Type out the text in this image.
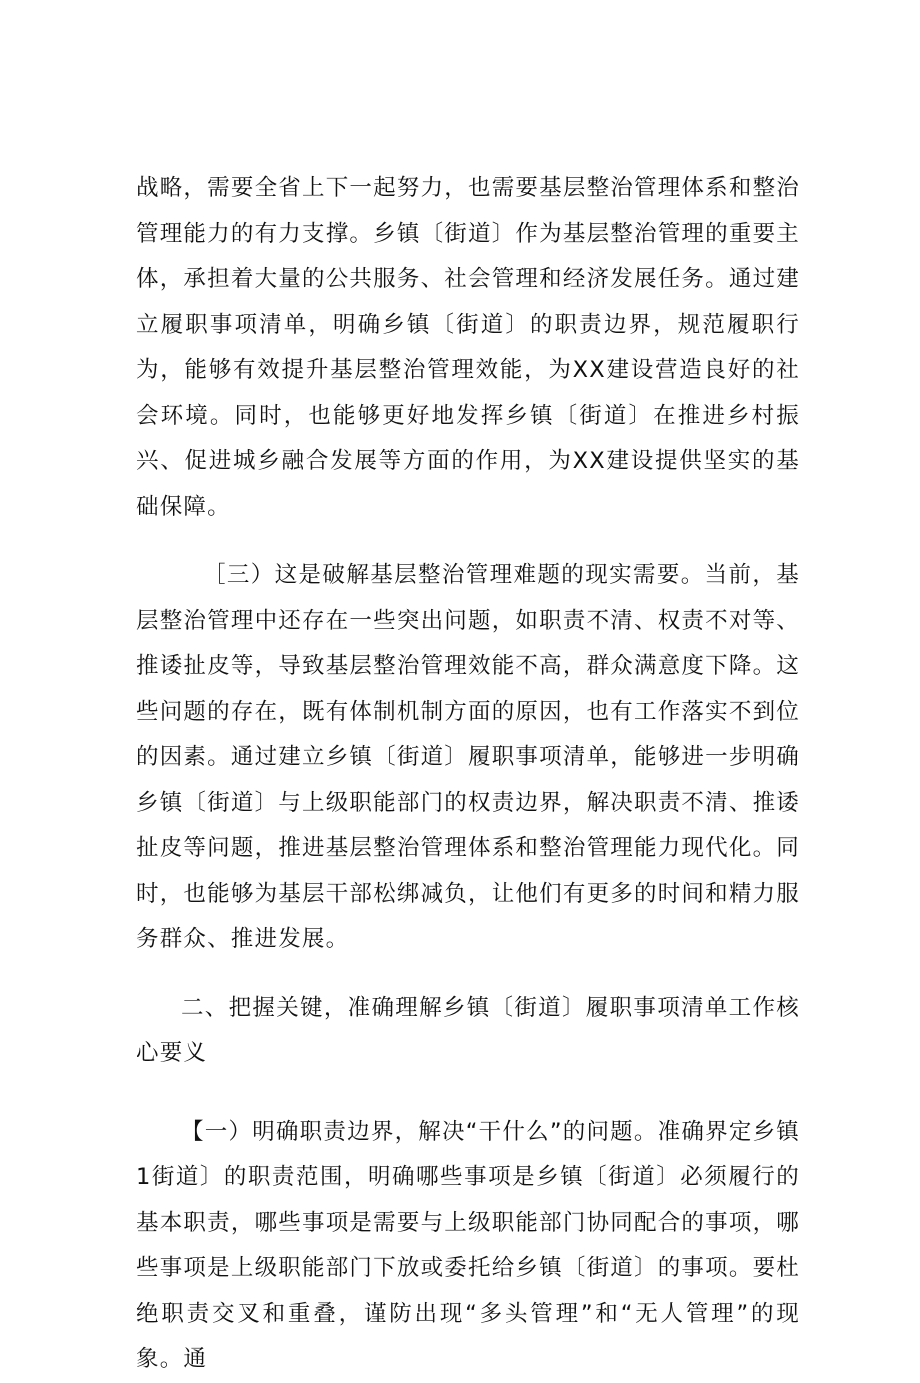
战略，需要全省上下一起努力，也需要基层整治管理体系和整治管理能力的有力支撑。乡镇〔街道〕作为基层整治管理的重要主体，承担着大量的公共服务、社会管理和经济发展任务。通过建立履职事项清单，明确乡镇〔街道〕的职责边界，规范履职行为，能够有效提升基层整治管理效能，为XX建设营造良好的社会环境。同时，也能够更好地发挥乡镇〔街道〕在推进乡村振兴、促进城乡融合发展等方面的作用，为XX建设提供坚实的基础保障。

［三）这是破解基层整治管理难题的现实需要。当前，基层整治管理中还存在一些突出问题，如职责不清、权责不对等、推诿扯皮等，导致基层整治管理效能不高，群众满意度下降。这些问题的存在，既有体制机制方面的原因，也有工作落实不到位的因素。通过建立乡镇〔街道〕履职事项清单，能够进一步明确乡镇〔街道〕与上级职能部门的权责边界，解决职责不清、推诿扯皮等问题，推进基层整治管理体系和整治管理能力现代化。同时，也能够为基层干部松绑减负，让他们有更多的时间和精力服务群众、推进发展。

二、把握关键，准确理解乡镇〔街道〕履职事项清单工作核心要义

【一）明确职责边界，解决“干什么”的问题。准确界定乡镇1街道〕的职责范围，明确哪些事项是乡镇〔街道〕必须履行的基本职责，哪些事项是需要与上级职能部门协同配合的事项，哪些事项是上级职能部门下放或委托给乡镇〔街道〕的事项。要杜绝职责交叉和重叠，谨防出现“多头管理”和“无人管理”的现象。通
